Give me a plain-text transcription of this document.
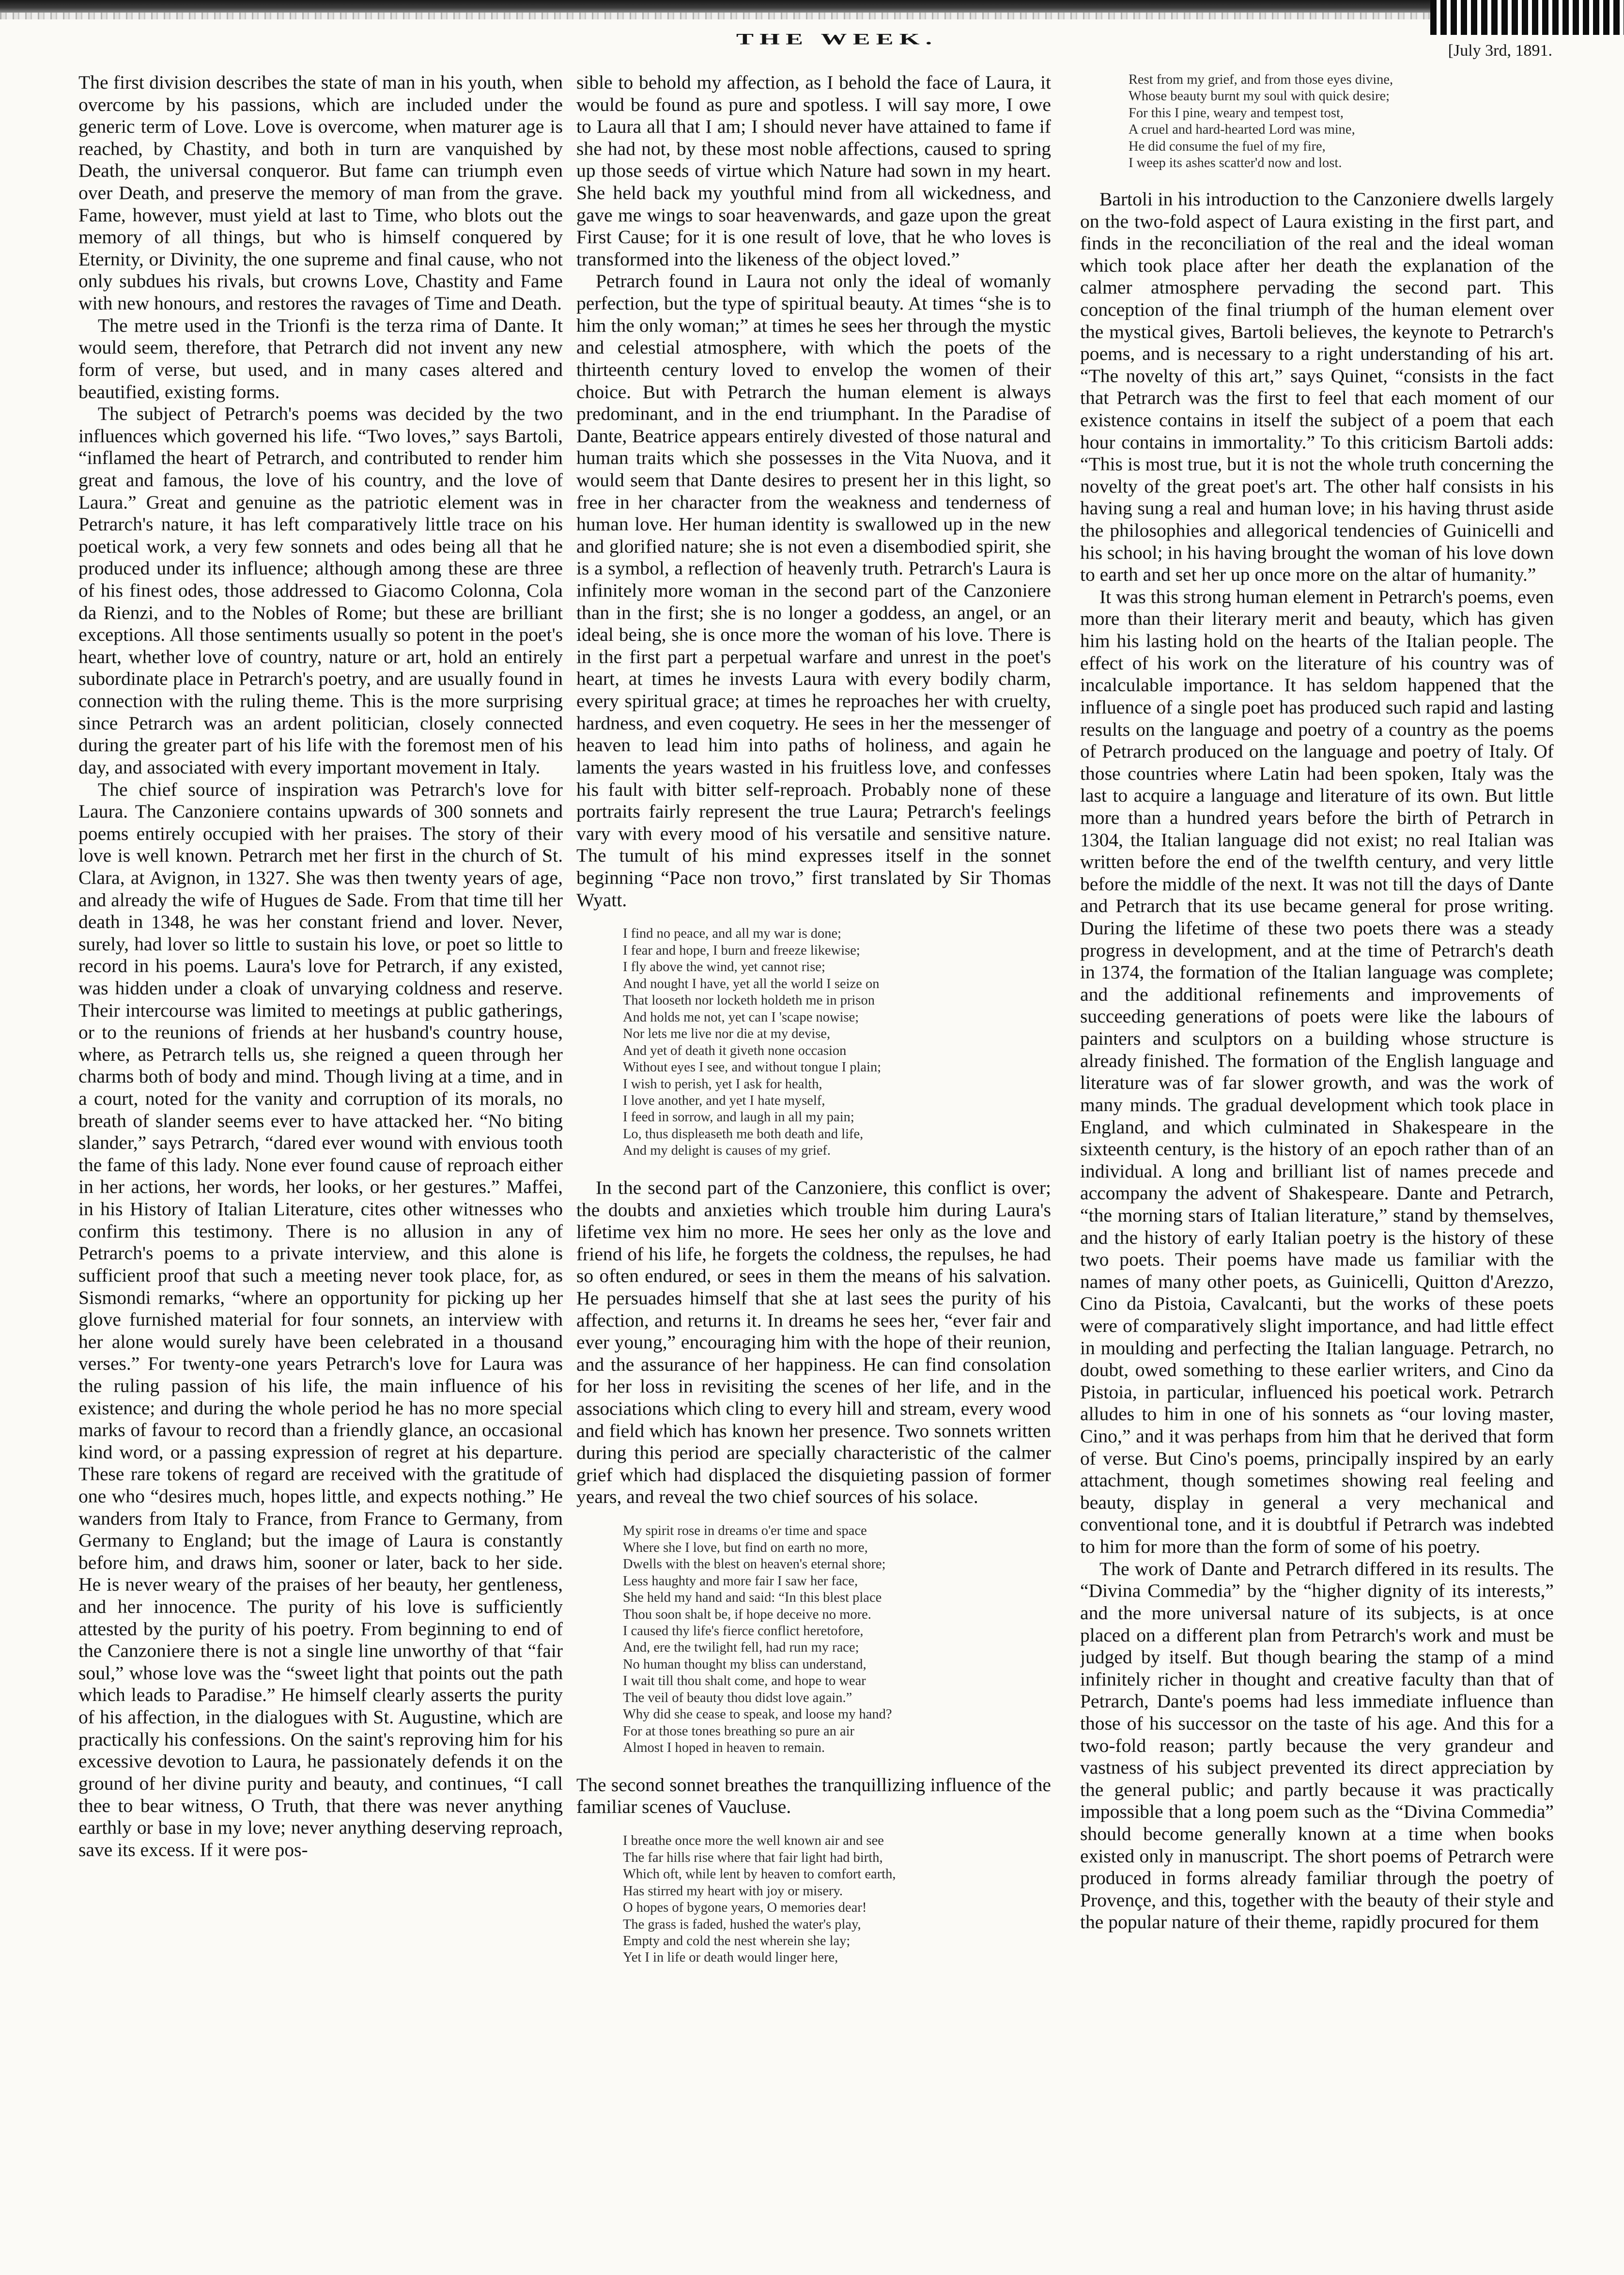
THE WEEK.
[July 3rd, 1891.

The first division describes the state of man in his youth, when overcome by his passions, which are included under the generic term of Love. Love is overcome, when maturer age is reached, by Chastity, and both in turn are vanquished by Death, the universal conqueror. But fame can triumph even over Death, and preserve the memory of man from the grave. Fame, however, must yield at last to Time, who blots out the memory of all things, but who is himself conquered by Eternity, or Divinity, the one supreme and final cause, who not only subdues his rivals, but crowns Love, Chastity and Fame with new honours, and restores the ravages of Time and Death.

The metre used in the Trionfi is the terza rima of Dante. It would seem, therefore, that Petrarch did not invent any new form of verse, but used, and in many cases altered and beautified, existing forms.

The subject of Petrarch's poems was decided by the two influences which governed his life. “Two loves,” says Bartoli, “inflamed the heart of Petrarch, and contributed to render him great and famous, the love of his country, and the love of Laura.” Great and genuine as the patriotic element was in Petrarch's nature, it has left comparatively little trace on his poetical work, a very few sonnets and odes being all that he produced under its influence; although among these are three of his finest odes, those addressed to Giacomo Colonna, Cola da Rienzi, and to the Nobles of Rome; but these are brilliant exceptions. All those sentiments usually so potent in the poet's heart, whether love of country, nature or art, hold an entirely subordinate place in Petrarch's poetry, and are usually found in connection with the ruling theme. This is the more surprising since Petrarch was an ardent politician, closely connected during the greater part of his life with the foremost men of his day, and associated with every important movement in Italy.

The chief source of inspiration was Petrarch's love for Laura. The Canzoniere contains upwards of 300 sonnets and poems entirely occupied with her praises. The story of their love is well known. Petrarch met her first in the church of St. Clara, at Avignon, in 1327. She was then twenty years of age, and already the wife of Hugues de Sade. From that time till her death in 1348, he was her constant friend and lover. Never, surely, had lover so little to sustain his love, or poet so little to record in his poems. Laura's love for Petrarch, if any existed, was hidden under a cloak of unvarying coldness and reserve. Their intercourse was limited to meetings at public gatherings, or to the reunions of friends at her husband's country house, where, as Petrarch tells us, she reigned a queen through her charms both of body and mind. Though living at a time, and in a court, noted for the vanity and corruption of its morals, no breath of slander seems ever to have attacked her. “No biting slander,” says Petrarch, “dared ever wound with envious tooth the fame of this lady. None ever found cause of reproach either in her actions, her words, her looks, or her gestures.” Maffei, in his History of Italian Literature, cites other witnesses who confirm this testimony. There is no allusion in any of Petrarch's poems to a private interview, and this alone is sufficient proof that such a meeting never took place, for, as Sismondi remarks, “where an opportunity for picking up her glove furnished material for four sonnets, an interview with her alone would surely have been celebrated in a thousand verses.” For twenty-one years Petrarch's love for Laura was the ruling passion of his life, the main influence of his existence; and during the whole period he has no more special marks of favour to record than a friendly glance, an occasional kind word, or a passing expression of regret at his departure. These rare tokens of regard are received with the gratitude of one who “desires much, hopes little, and expects nothing.” He wanders from Italy to France, from France to Germany, from Germany to England; but the image of Laura is constantly before him, and draws him, sooner or later, back to her side. He is never weary of the praises of her beauty, her gentleness, and her innocence. The purity of his love is sufficiently attested by the purity of his poetry. From beginning to end of the Canzoniere there is not a single line unworthy of that “fair soul,” whose love was the “sweet light that points out the path which leads to Paradise.” He himself clearly asserts the purity of his affection, in the dialogues with St. Augustine, which are practically his confessions. On the saint's reproving him for his excessive devotion to Laura, he passionately defends it on the ground of her divine purity and beauty, and continues, “I call thee to bear witness, O Truth, that there was never anything earthly or base in my love; never anything deserving reproach, save its excess. If it were pos-

sible to behold my affection, as I behold the face of Laura, it would be found as pure and spotless. I will say more, I owe to Laura all that I am; I should never have attained to fame if she had not, by these most noble affections, caused to spring up those seeds of virtue which Nature had sown in my heart. She held back my youthful mind from all wickedness, and gave me wings to soar heavenwards, and gaze upon the great First Cause; for it is one result of love, that he who loves is transformed into the likeness of the object loved.”

Petrarch found in Laura not only the ideal of womanly perfection, but the type of spiritual beauty. At times “she is to him the only woman;” at times he sees her through the mystic and celestial atmosphere, with which the poets of the thirteenth century loved to envelop the women of their choice. But with Petrarch the human element is always predominant, and in the end triumphant. In the Paradise of Dante, Beatrice appears entirely divested of those natural and human traits which she possesses in the Vita Nuova, and it would seem that Dante desires to present her in this light, so free in her character from the weakness and tenderness of human love. Her human identity is swallowed up in the new and glorified nature; she is not even a disembodied spirit, she is a symbol, a reflection of heavenly truth. Petrarch's Laura is infinitely more woman in the second part of the Canzoniere than in the first; she is no longer a goddess, an angel, or an ideal being, she is once more the woman of his love. There is in the first part a perpetual warfare and unrest in the poet's heart, at times he invests Laura with every bodily charm, every spiritual grace; at times he reproaches her with cruelty, hardness, and even coquetry. He sees in her the messenger of heaven to lead him into paths of holiness, and again he laments the years wasted in his fruitless love, and confesses his fault with bitter self-reproach. Probably none of these portraits fairly represent the true Laura; Petrarch's feelings vary with every mood of his versatile and sensitive nature. The tumult of his mind expresses itself in the sonnet beginning “Pace non trovo,” first translated by Sir Thomas Wyatt.

I find no peace, and all my war is done;
I fear and hope, I burn and freeze likewise;
I fly above the wind, yet cannot rise;
And nought I have, yet all the world I seize on
That looseth nor locketh holdeth me in prison
And holds me not, yet can I 'scape nowise;
Nor lets me live nor die at my devise,
And yet of death it giveth none occasion
Without eyes I see, and without tongue I plain;
I wish to perish, yet I ask for health,
I love another, and yet I hate myself,
I feed in sorrow, and laugh in all my pain;
Lo, thus displeaseth me both death and life,
And my delight is causes of my grief.

In the second part of the Canzoniere, this conflict is over; the doubts and anxieties which trouble him during Laura's lifetime vex him no more. He sees her only as the love and friend of his life, he forgets the coldness, the repulses, he had so often endured, or sees in them the means of his salvation. He persuades himself that she at last sees the purity of his affection, and returns it. In dreams he sees her, “ever fair and ever young,” encouraging him with the hope of their reunion, and the assurance of her happiness. He can find consolation for her loss in revisiting the scenes of her life, and in the associations which cling to every hill and stream, every wood and field which has known her presence. Two sonnets written during this period are specially characteristic of the calmer grief which had displaced the disquieting passion of former years, and reveal the two chief sources of his solace.

My spirit rose in dreams o'er time and space
Where she I love, but find on earth no more,
Dwells with the blest on heaven's eternal shore;
Less haughty and more fair I saw her face,
She held my hand and said: “In this blest place
Thou soon shalt be, if hope deceive no more.
I caused thy life's fierce conflict heretofore,
And, ere the twilight fell, had run my race;
No human thought my bliss can understand,
I wait till thou shalt come, and hope to wear
The veil of beauty thou didst love again.”
Why did she cease to speak, and loose my hand?
For at those tones breathing so pure an air
Almost I hoped in heaven to remain.

The second sonnet breathes the tranquillizing influence of the familiar scenes of Vaucluse.

I breathe once more the well known air and see
The far hills rise where that fair light had birth,
Which oft, while lent by heaven to comfort earth,
Has stirred my heart with joy or misery.
O hopes of bygone years, O memories dear!
The grass is faded, hushed the water's play,
Empty and cold the nest wherein she lay;
Yet I in life or death would linger here,
Rest from my grief, and from those eyes divine,
Whose beauty burnt my soul with quick desire;
For this I pine, weary and tempest tost,
A cruel and hard-hearted Lord was mine,
He did consume the fuel of my fire,
I weep its ashes scatter'd now and lost.

Bartoli in his introduction to the Canzoniere dwells largely on the two-fold aspect of Laura existing in the first part, and finds in the reconciliation of the real and the ideal woman which took place after her death the explanation of the calmer atmosphere pervading the second part. This conception of the final triumph of the human element over the mystical gives, Bartoli believes, the keynote to Petrarch's poems, and is necessary to a right understanding of his art. “The novelty of this art,” says Quinet, “consists in the fact that Petrarch was the first to feel that each moment of our existence contains in itself the subject of a poem that each hour contains in immortality.” To this criticism Bartoli adds: “This is most true, but it is not the whole truth concerning the novelty of the great poet's art. The other half consists in his having sung a real and human love; in his having thrust aside the philosophies and allegorical tendencies of Guinicelli and his school; in his having brought the woman of his love down to earth and set her up once more on the altar of humanity.”

It was this strong human element in Petrarch's poems, even more than their literary merit and beauty, which has given him his lasting hold on the hearts of the Italian people. The effect of his work on the literature of his country was of incalculable importance. It has seldom happened that the influence of a single poet has produced such rapid and lasting results on the language and poetry of a country as the poems of Petrarch produced on the language and poetry of Italy. Of those countries where Latin had been spoken, Italy was the last to acquire a language and literature of its own. But little more than a hundred years before the birth of Petrarch in 1304, the Italian language did not exist; no real Italian was written before the end of the twelfth century, and very little before the middle of the next. It was not till the days of Dante and Petrarch that its use became general for prose writing. During the lifetime of these two poets there was a steady progress in development, and at the time of Petrarch's death in 1374, the formation of the Italian language was complete; and the additional refinements and improvements of succeeding generations of poets were like the labours of painters and sculptors on a building whose structure is already finished. The formation of the English language and literature was of far slower growth, and was the work of many minds. The gradual development which took place in England, and which culminated in Shakespeare in the sixteenth century, is the history of an epoch rather than of an individual. A long and brilliant list of names precede and accompany the advent of Shakespeare. Dante and Petrarch, “the morning stars of Italian literature,” stand by themselves, and the history of early Italian poetry is the history of these two poets. Their poems have made us familiar with the names of many other poets, as Guinicelli, Quitton d'Arezzo, Cino da Pistoia, Cavalcanti, but the works of these poets were of comparatively slight importance, and had little effect in moulding and perfecting the Italian language. Petrarch, no doubt, owed something to these earlier writers, and Cino da Pistoia, in particular, influenced his poetical work. Petrarch alludes to him in one of his sonnets as “our loving master, Cino,” and it was perhaps from him that he derived that form of verse. But Cino's poems, principally inspired by an early attachment, though sometimes showing real feeling and beauty, display in general a very mechanical and conventional tone, and it is doubtful if Petrarch was indebted to him for more than the form of some of his poetry.

The work of Dante and Petrarch differed in its results. The “Divina Commedia” by the “higher dignity of its interests,” and the more universal nature of its subjects, is at once placed on a different plan from Petrarch's work and must be judged by itself. But though bearing the stamp of a mind infinitely richer in thought and creative faculty than that of Petrarch, Dante's poems had less immediate influence than those of his successor on the taste of his age. And this for a two-fold reason; partly because the very grandeur and vastness of his subject prevented its direct appreciation by the general public; and partly because it was practically impossible that a long poem such as the “Divina Commedia” should become generally known at a time when books existed only in manuscript. The short poems of Petrarch were produced in forms already familiar through the poetry of Provençe, and this, together with the beauty of their style and the popular nature of their theme, rapidly procured for them
